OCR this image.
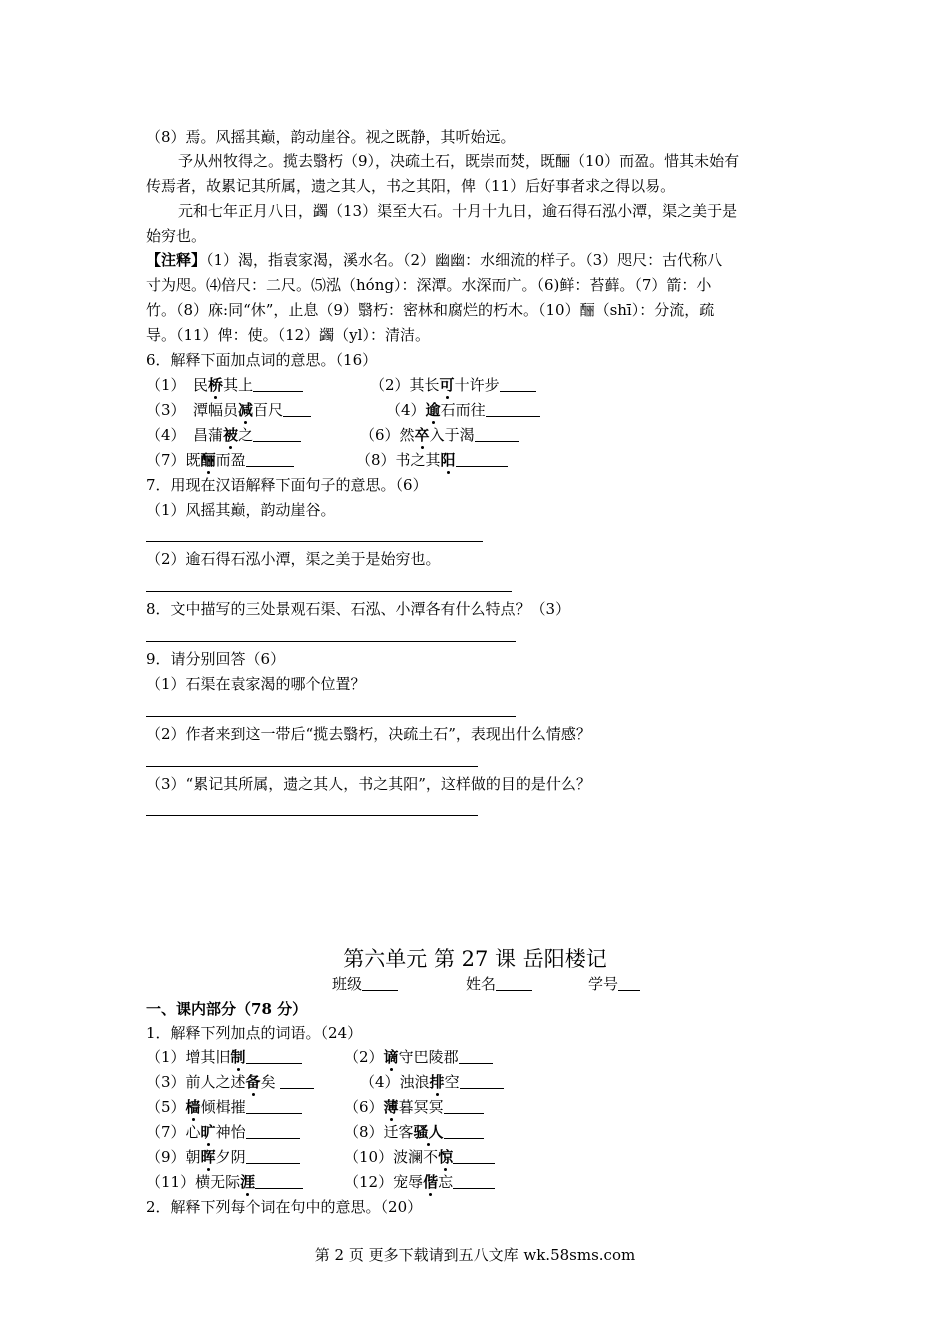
（8）焉。风摇其巅，韵动崖谷。视之既静，其听始远。
予从州牧得之。揽去翳朽（9），决疏土石，既崇而焚，既酾（10）而盈。惜其未始有
传焉者，故累记其所属，遗之其人，书之其阳，俾（11）后好事者求之得以易。
元和七年正月八日，蠲（13）渠至大石。十月十九日，逾石得石泓小潭，渠之美于是
始穷也。
【注释】（1）渴，指袁家渴，溪水名。（2）幽幽：水细流的样子。（3）咫尺：古代称八
寸为咫。⑷倍尺：二尺。⑸泓（hóng）：深潭。水深而广。（6)鲜：苔藓。（7）箭：小
竹。（8）庥:同“休”，止息（9）翳朽：密林和腐烂的朽木。（10）酾（shī）：分流，疏
导。（11）俾：使。（12）蠲（yl）：清洁。
6．解释下面加点词的意思。（16）
（1）　民桥其上	（2）其长可十许步
（3）　潭幅员减百尺	（4）逾石而往
（4）　昌蒲被之	（6）然卒入于渴
（7）既酾而盈	（8）书之其阳
7．用现在汉语解释下面句子的意思。（6）
（1）风摇其巅，韵动崖谷。
（2）逾石得石泓小潭，渠之美于是始穷也。
8．文中描写的三处景观石渠、石泓、小潭各有什么特点？（3）
9．请分别回答（6）
（1）石渠在袁家渴的哪个位置？
（2）作者来到这一带后“揽去翳朽，决疏土石”，表现出什么情感？
（3）“累记其所属，遗之其人，书之其阳”，这样做的目的是什么？
第六单元 第 27 课 岳阳楼记
班级	姓名	学号
一、课内部分（78 分）
1．解释下列加点的词语。（24）
（1）增其旧制	（2）谪守巴陵郡
（3）前人之述备矣	（4）浊浪排空
（5）樯倾楫摧	（6）薄暮冥冥
（7）心旷神怡	（8）迁客骚人
（9）朝晖夕阴	（10）波澜不惊
（11）横无际涯	（12）宠辱偕忘
2．解释下列每个词在句中的意思。（20）
第 2 页 更多下载请到五八文库 wk.58sms.com
